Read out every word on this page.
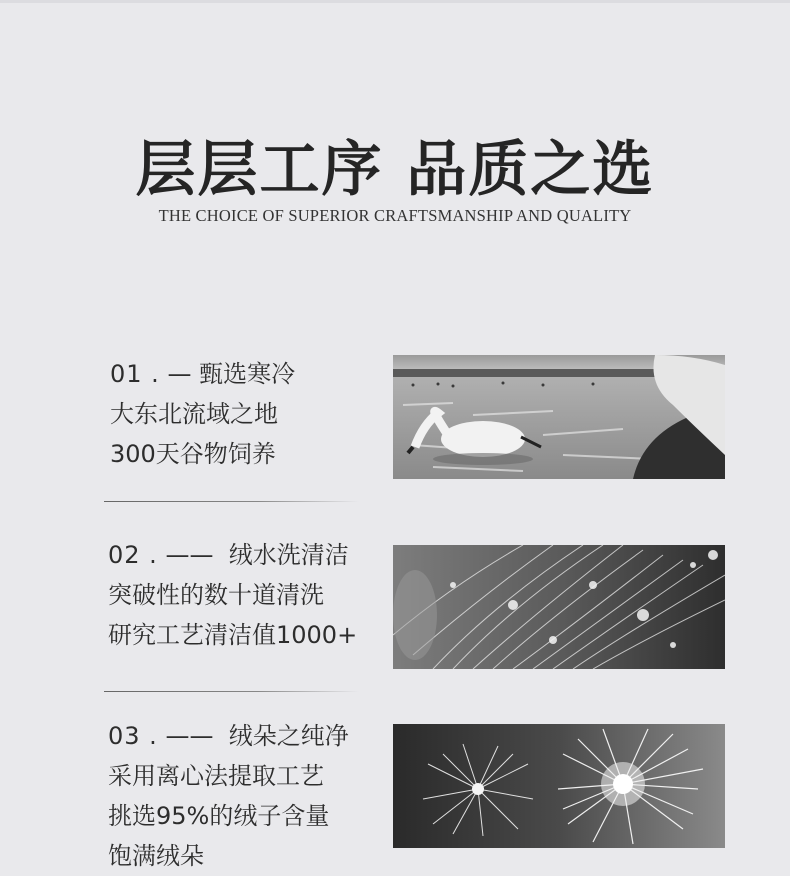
层层工序 品质之选
THE CHOICE OF SUPERIOR CRAFTSMANSHIP AND QUALITY
01 . — 甄选寒冷
大东北流域之地
300天谷物饲养
02 . —— 绒水洗清洁
突破性的数十道清洗
研究工艺清洁值1000+
03 . —— 绒朵之纯净
采用离心法提取工艺
挑选95%的绒子含量
饱满绒朵
